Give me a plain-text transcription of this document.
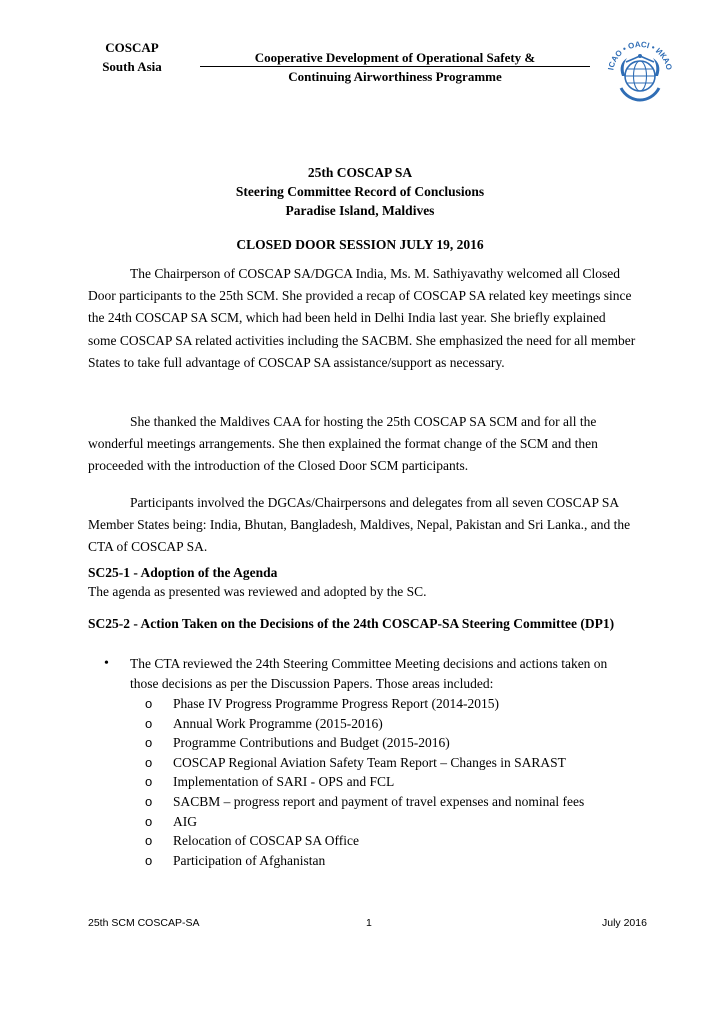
COSCAP
South Asia
Cooperative Development of Operational Safety &
Continuing Airworthiness Programme
ICAO • OACI • ИКАО
25th COSCAP SA
Steering Committee Record of Conclusions
Paradise Island, Maldives
CLOSED DOOR SESSION JULY 19, 2016

The Chairperson of COSCAP SA/DGCA India, Ms. M. Sathiyavathy welcomed all Closed Door participants to the 25th SCM. She provided a recap of COSCAP SA related key meetings since the 24th COSCAP SA SCM, which had been held in Delhi India last year. She briefly explained some COSCAP SA related activities including the SACBM. She emphasized the need for all member States to take full advantage of COSCAP SA assistance/support as necessary.

She thanked the Maldives CAA for hosting the 25th COSCAP SA SCM and for all the wonderful meetings arrangements. She then explained the format change of the SCM and then proceeded with the introduction of the Closed Door SCM participants.

Participants involved the DGCAs/Chairpersons and delegates from all seven COSCAP SA Member States being: India, Bhutan, Bangladesh, Maldives, Nepal, Pakistan and Sri Lanka., and the CTA of COSCAP SA.

SC25-1 - Adoption of the Agenda

The agenda as presented was reviewed and adopted by the SC.

SC25-2 - Action Taken on the Decisions of the 24th COSCAP-SA Steering Committee (DP1)

• The CTA reviewed the 24th Steering Committee Meeting decisions and actions taken on those decisions as per the Discussion Papers. Those areas included:

o Phase IV Progress Programme Progress Report (2014-2015)
o Annual Work Programme (2015-2016)
o Programme Contributions and Budget (2015-2016)
o COSCAP Regional Aviation Safety Team Report – Changes in SARAST
o Implementation of SARI - OPS and FCL
o SACBM – progress report and payment of travel expenses and nominal fees
o AIG
o Relocation of COSCAP SA Office
o Participation of Afghanistan
25th SCM COSCAP-SA	1	July 2016
